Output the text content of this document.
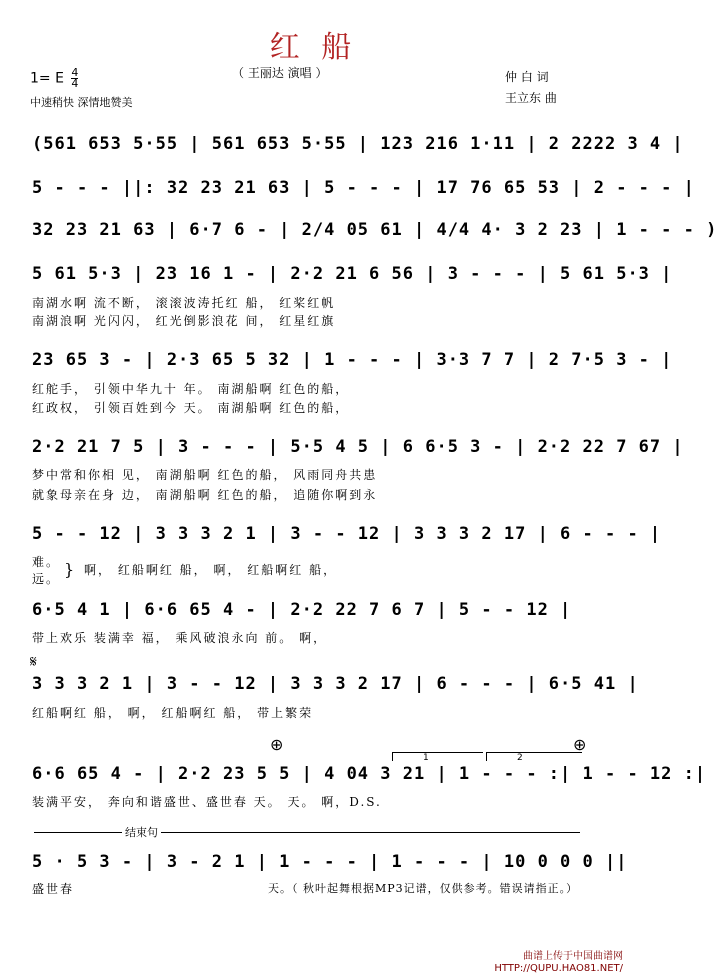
红 船
（ 王丽达 演唱 ）
1= E $\frac{4}{4}$
中速稍快 深情地赞美
仲 白 词
王立东 曲
(561 653 5·55 | 561 653 5·55 | 123 216 1·11 | 2 2222 3 4 |
5 - - - ||: 32 23 21 63 | 5 - - - | 17 76 65 53 | 2 - - - |
32 23 21 63 | 6·7 6 - | 2/4 05 61 | 4/4 4· 3 2 23 | 1 - - - )
5 61 5·3 | 23 16 1 - | 2·2 21 6 56 | 3 - - - | 5 61 5·3 |
南湖水啊 流不断， 滚滚波涛托红 船， 红桨红帆
南湖浪啊 光闪闪， 红光倒影浪花 间， 红星红旗
23 65 3 - | 2·3 65 5 32 | 1 - - - | 3·3 7 7 | 2 7·5 3 - |
红舵手， 引领中华九十 年。 南湖船啊 红色的船，
红政权， 引领百姓到今 天。 南湖船啊 红色的船，
2·2 21 7 5 | 3 - - - | 5·5 4 5 | 6 6·5 3 - | 2·2 22 7 67 |
梦中常和你相 见， 南湖船啊 红色的船， 风雨同舟共患
就象母亲在身 边， 南湖船啊 红色的船， 追随你啊到永
5 - - 12 | 3 3 3 2 1 | 3 - - 12 | 3 3 3 2 17 | 6 - - - |
难。
远。 } 啊， 红船啊红 船， 啊， 红船啊红 船，
6·5 4 1 | 6·6 65 4 - | 2·2 22 7 6 7 | 5 - - 12 |
带上欢乐 装满幸 福， 乘风破浪永向 前。 啊，
𝄋
3 3 3 2 1 | 3 - - 12 | 3 3 3 2 17 | 6 - - - | 6·5 41 |
红船啊红 船， 啊， 红船啊红 船， 带上繁荣
⊕	⊕
1	2
6·6 65 4 - | 2·2 23 5 5 | 4 04 3 21 | 1 - - - :| 1 - - 12 :|
装满平安， 奔向和谐盛世、盛世春 天。 天。 啊，D.S.
结束句
5 · 5 3 - | 3 - 2 1 | 1 - - - | 1 - - - | 10 0 0 0 ||
盛世春	天。（ 秋叶起舞根据MP3记谱，仅供参考。错误请指正。）
曲谱上传于中国曲谱网
HTTP://QUPU.HAO81.NET/
